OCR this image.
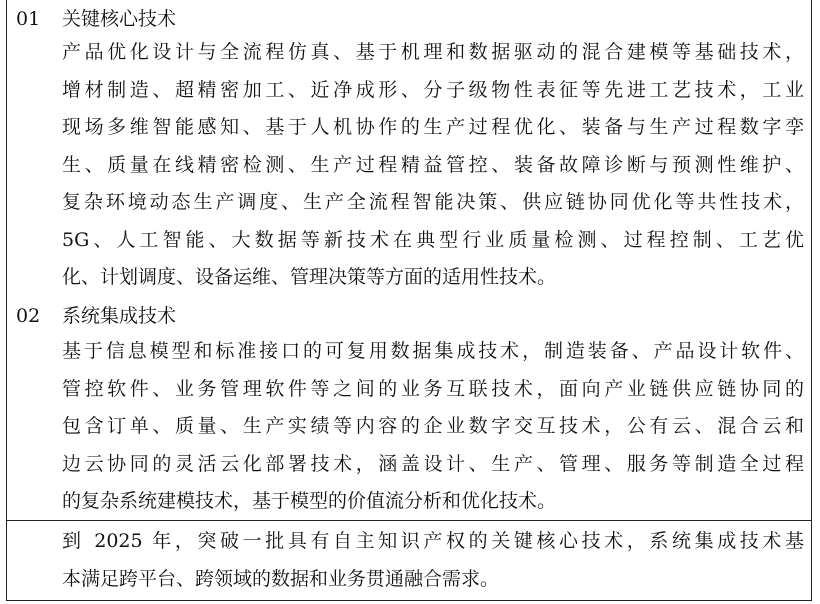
01 关键核心技术
产品优化设计与全流程仿真、基于机理和数据驱动的混合建模等基础技术，
增材制造、超精密加工、近净成形、分子级物性表征等先进工艺技术，工业
现场多维智能感知、基于人机协作的生产过程优化、装备与生产过程数字孪
生、质量在线精密检测、生产过程精益管控、装备故障诊断与预测性维护、
复杂环境动态生产调度、生产全流程智能决策、供应链协同优化等共性技术，
5G、人工智能、大数据等新技术在典型行业质量检测、过程控制、工艺优
化、计划调度、设备运维、管理决策等方面的适用性技术。
02 系统集成技术
基于信息模型和标准接口的可复用数据集成技术，制造装备、产品设计软件、
管控软件、业务管理软件等之间的业务互联技术，面向产业链供应链协同的
包含订单、质量、生产实绩等内容的企业数字交互技术，公有云、混合云和
边云协同的灵活云化部署技术，涵盖设计、生产、管理、服务等制造全过程
的复杂系统建模技术，基于模型的价值流分析和优化技术。
到 2025 年，突破一批具有自主知识产权的关键核心技术，系统集成技术基
本满足跨平台、跨领域的数据和业务贯通融合需求。
